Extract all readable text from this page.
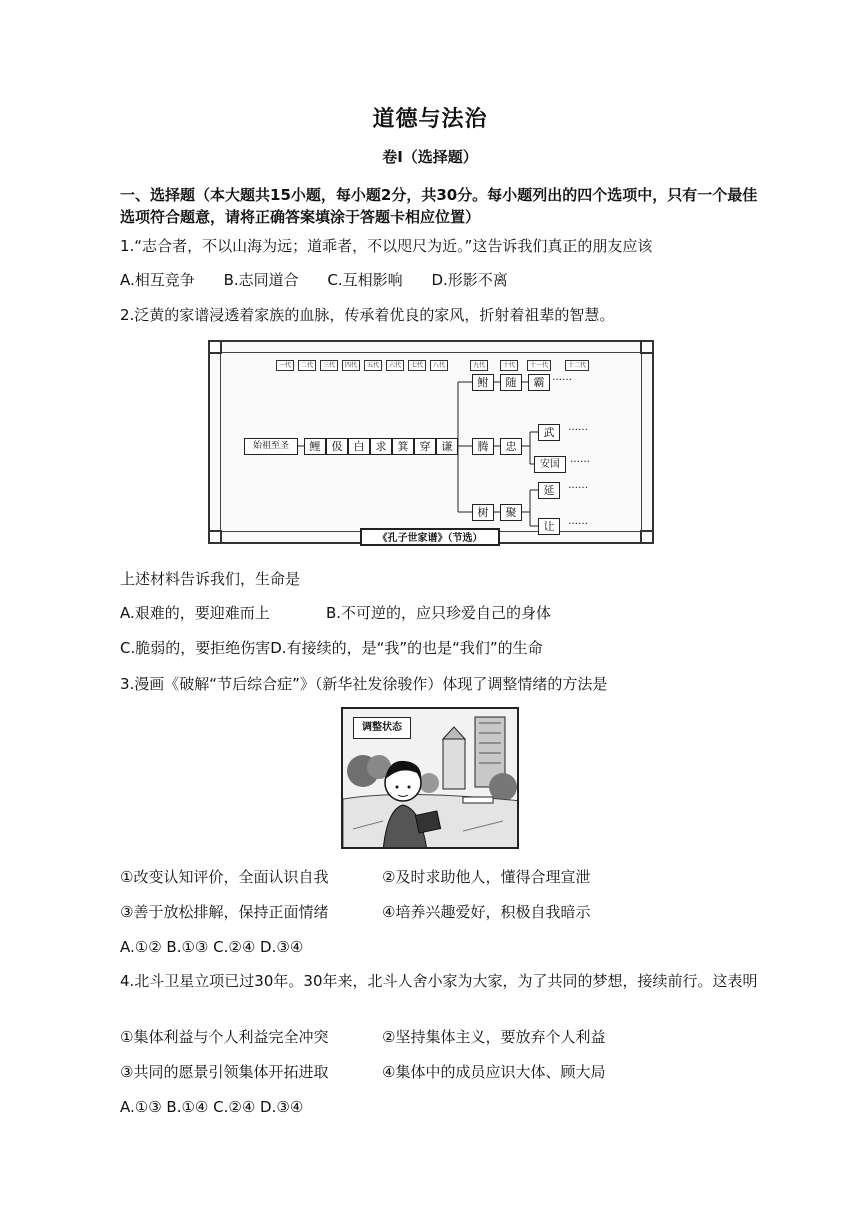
道德与法治
卷Ⅰ（选择题）
一、选择题（本大题共15小题，每小题2分，共30分。每小题列出的四个选项中，只有一个最佳选项符合题意，请将正确答案填涂于答题卡相应位置）
1.“志合者，不以山海为远；道乖者，不以咫尺为近。”这告诉我们真正的朋友应该
A.相互竞争 B.志同道合 C.互相影响 D.形影不离
2.泛黄的家谱浸透着家族的血脉，传承着优良的家风，折射着祖辈的智慧。
一代	二代	三代	四代	五代	六代	七代	八代	九代	十代	十一代	十二代
始祖至圣	鲤	伋	白	求	箕	穿	谦
鲋
腾
树
随
忠
聚
霸
武
安国
延
让
……
……
……
……
……
《孔子世家谱》（节选）
上述材料告诉我们，生命是
A.艰难的，要迎难而上	B.不可逆的，应只珍爱自己的身体
C.脆弱的，要拒绝伤害D.有接续的，是“我”的也是“我们”的生命
3.漫画《破解“节后综合症”》（新华社发徐骏作）体现了调整情绪的方法是
调整状态
①改变认知评价，全面认识自我	②及时求助他人，懂得合理宣泄
③善于放松排解，保持正面情绪	④培养兴趣爱好，积极自我暗示
A.①② B.①③ C.②④ D.③④
4.北斗卫星立项已过30年。30年来，北斗人舍小家为大家，为了共同的梦想，接续前行。这表明
①集体利益与个人利益完全冲突	②坚持集体主义，要放弃个人利益
③共同的愿景引领集体开拓进取	④集体中的成员应识大体、顾大局
A.①③ B.①④ C.②④ D.③④
